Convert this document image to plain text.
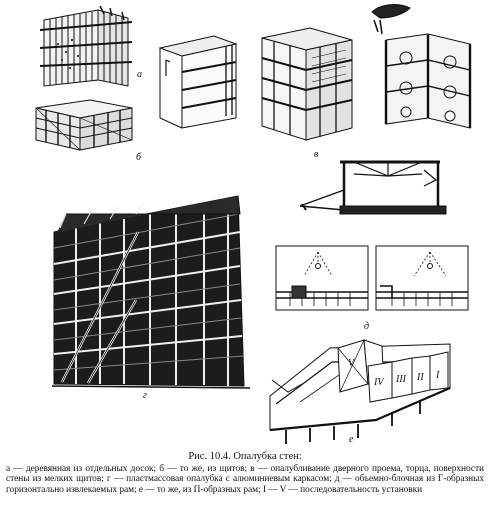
а
б	в
д
г
е
V
IV III II I
Рис. 10.4. Опалубка стен:
а — деревянная из отдельных досок; б — то же, из щитов; в — опалубливание дверного проема, торца, поверхности стены из мелких щитов; г — пластмассовая опалубка с алюминиевым каркасом; д — объемно-блочная из Г-образных горизонтально извлекаемых рам; е — то же, из П-образных рам; I — V — последовательность установки
